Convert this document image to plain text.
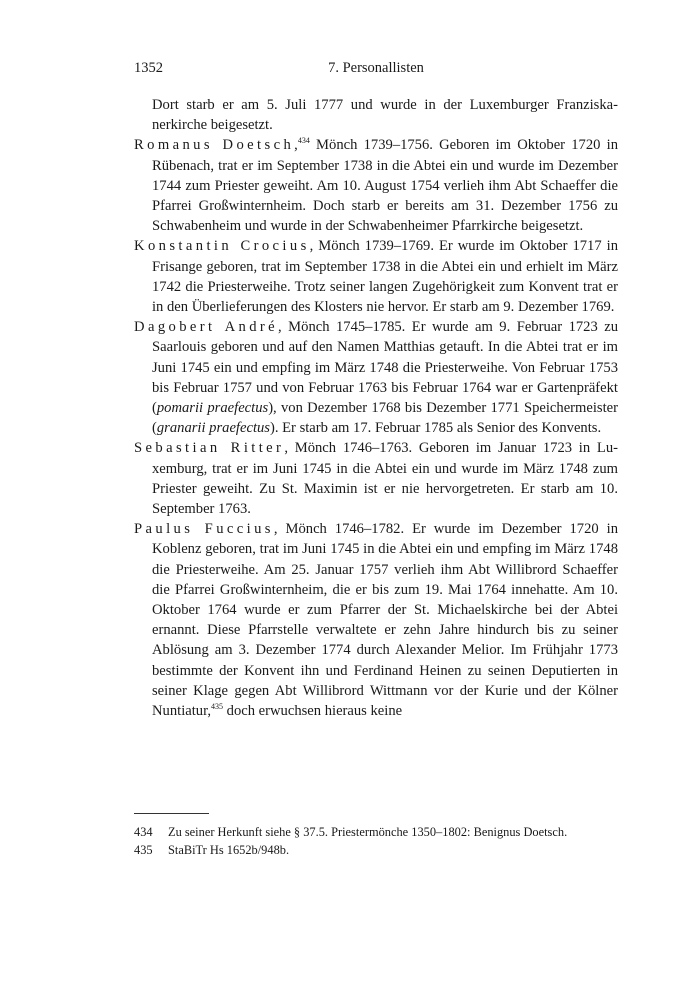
1352	7. Personallisten

Dort starb er am 5. Juli 1777 und wurde in der Luxemburger Franziskanerkirche beigesetzt.

Romanus Doetsch,$^{434}$ Mönch 1739–1756. Geboren im Oktober 1720 in Rübenach, trat er im September 1738 in die Abtei ein und wurde im Dezember 1744 zum Priester geweiht. Am 10. August 1754 verlieh ihm Abt Schaeffer die Pfarrei Großwinternheim. Doch starb er bereits am 31. Dezember 1756 zu Schwabenheim und wurde in der Schwabenheimer Pfarrkirche beigesetzt.

Konstantin Crocius, Mönch 1739–1769. Er wurde im Oktober 1717 in Frisange geboren, trat im September 1738 in die Abtei ein und erhielt im März 1742 die Priesterweihe. Trotz seiner langen Zugehörigkeit zum Konvent trat er in den Überlieferungen des Klosters nie hervor. Er starb am 9. Dezember 1769.

Dagobert André, Mönch 1745–1785. Er wurde am 9. Februar 1723 zu Saarlouis geboren und auf den Namen Matthias getauft. In die Abtei trat er im Juni 1745 ein und empfing im März 1748 die Priesterweihe. Von Februar 1753 bis Februar 1757 und von Februar 1763 bis Februar 1764 war er Gartenpräfekt (pomarii praefectus), von Dezember 1768 bis Dezember 1771 Speichermeister (granarii praefectus). Er starb am 17. Februar 1785 als Senior des Konvents.

Sebastian Ritter, Mönch 1746–1763. Geboren im Januar 1723 in Luxemburg, trat er im Juni 1745 in die Abtei ein und wurde im März 1748 zum Priester geweiht. Zu St. Maximin ist er nie hervorgetreten. Er starb am 10. September 1763.

Paulus Fuccius, Mönch 1746–1782. Er wurde im Dezember 1720 in Koblenz geboren, trat im Juni 1745 in die Abtei ein und empfing im März 1748 die Priesterweihe. Am 25. Januar 1757 verlieh ihm Abt Willibrord Schaeffer die Pfarrei Großwinternheim, die er bis zum 19. Mai 1764 innehatte. Am 10. Oktober 1764 wurde er zum Pfarrer der St. Michaelskirche bei der Abtei ernannt. Diese Pfarrstelle verwaltete er zehn Jahre hindurch bis zu seiner Ablösung am 3. Dezember 1774 durch Alexander Melior. Im Frühjahr 1773 bestimmte der Konvent ihn und Ferdinand Heinen zu seinen Deputierten in seiner Klage gegen Abt Willibrord Wittmann vor der Kurie und der Kölner Nuntiatur,$^{435}$ doch erwuchsen hieraus keine

434	Zu seiner Herkunft siehe § 37.5. Priestermönche 1350–1802: Benignus Doetsch.
435	StaBiTr Hs 1652b/948b.
